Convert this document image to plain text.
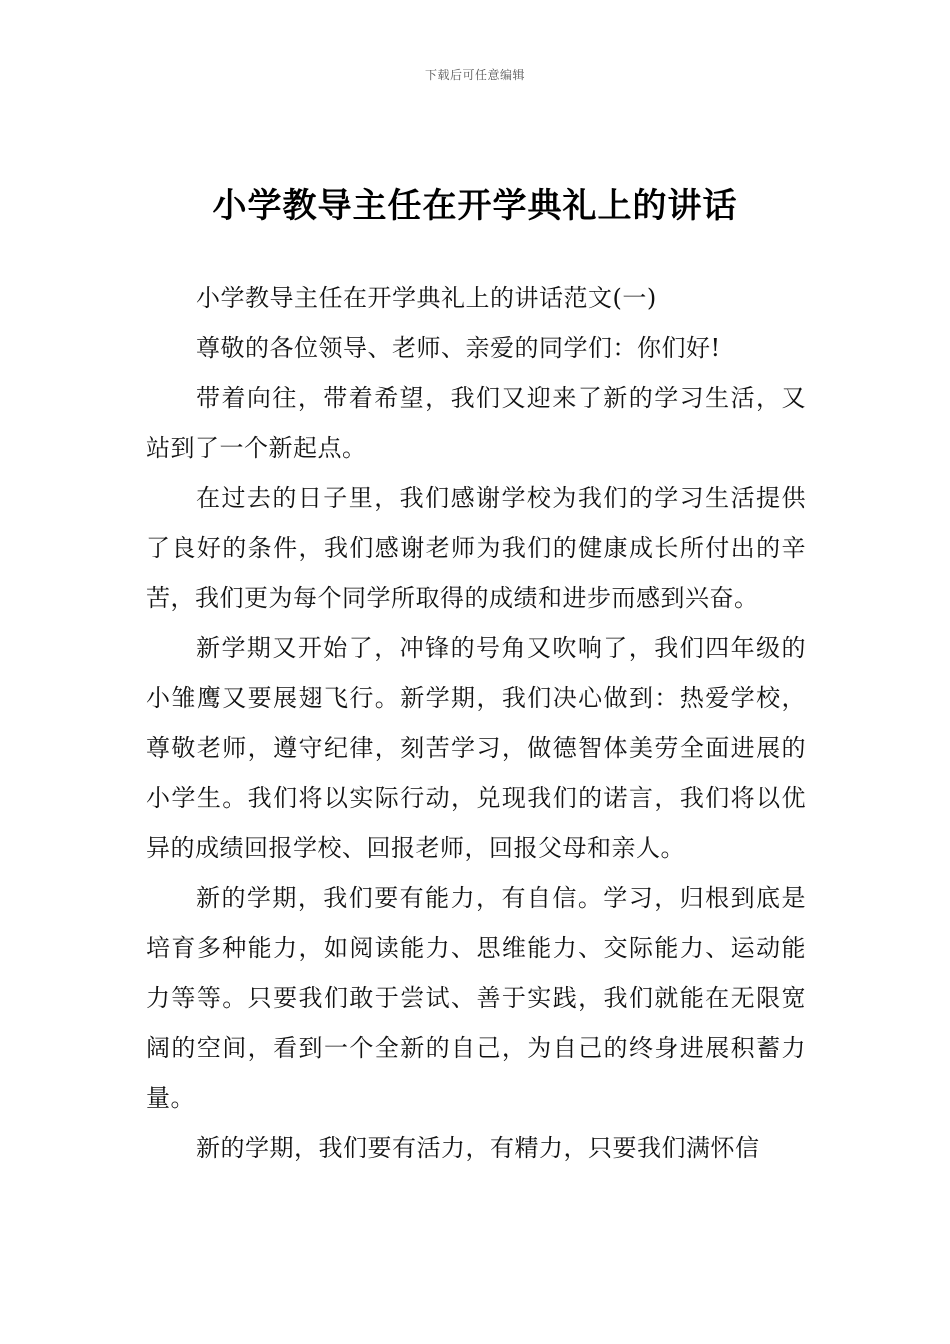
下载后可任意编辑
小学教导主任在开学典礼上的讲话

小学教导主任在开学典礼上的讲话范文(一)

尊敬的各位领导、老师、亲爱的同学们：你们好!

带着向往，带着希望，我们又迎来了新的学习生活，又站到了一个新起点。

在过去的日子里，我们感谢学校为我们的学习生活提供了良好的条件，我们感谢老师为我们的健康成长所付出的辛苦，我们更为每个同学所取得的成绩和进步而感到兴奋。

新学期又开始了，冲锋的号角又吹响了，我们四年级的小雏鹰又要展翅飞行。新学期，我们决心做到：热爱学校，尊敬老师，遵守纪律，刻苦学习，做德智体美劳全面进展的小学生。我们将以实际行动，兑现我们的诺言，我们将以优异的成绩回报学校、回报老师，回报父母和亲人。

新的学期，我们要有能力，有自信。学习，归根到底是培育多种能力，如阅读能力、思维能力、交际能力、运动能力等等。只要我们敢于尝试、善于实践，我们就能在无限宽阔的空间，看到一个全新的自己，为自己的终身进展积蓄力量。

新的学期，我们要有活力，有精力，只要我们满怀信
